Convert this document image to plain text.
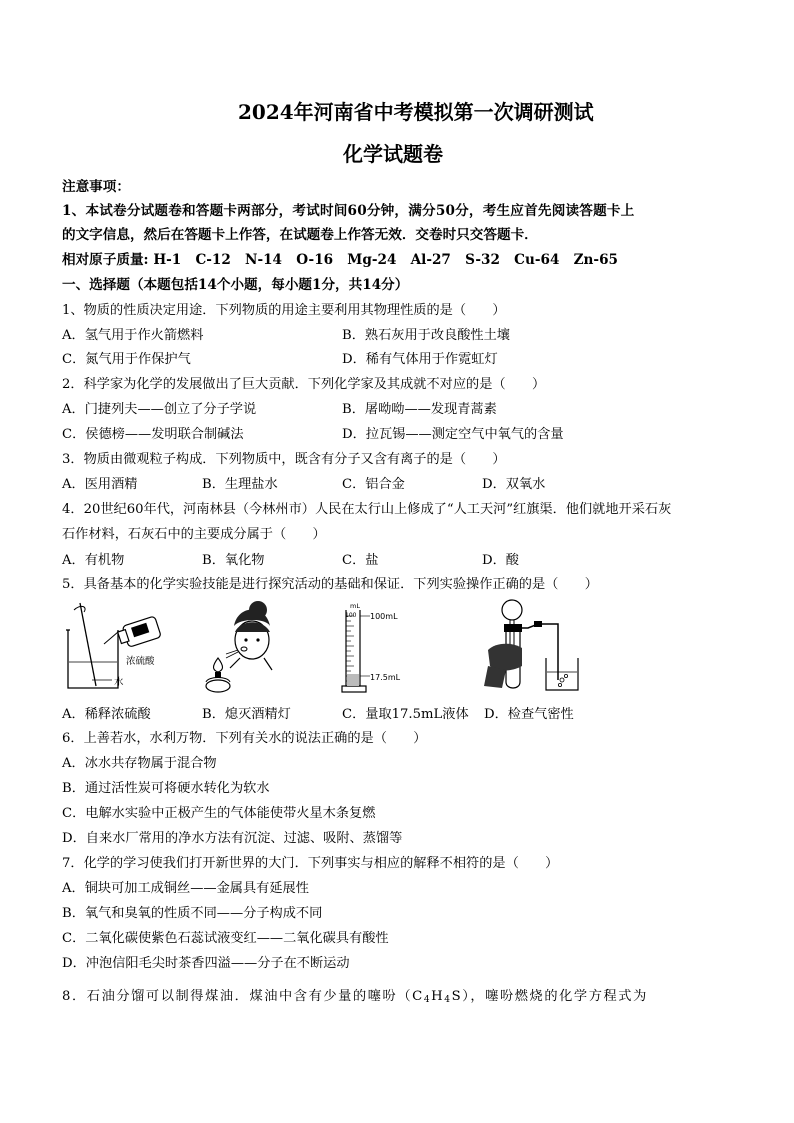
2024年河南省中考模拟第一次调研测试
化学试题卷
注意事项：
1、本试卷分试题卷和答题卡两部分，考试时间60分钟，满分50分，考生应首先阅读答题卡上
的文字信息，然后在答题卡上作答，在试题卷上作答无效．交卷时只交答题卡．
相对原子质量: H-1   C-12   N-14   O-16   Mg-24   Al-27   S-32   Cu-64   Zn-65
一、选择题（本题包括14个小题，每小题1分，共14分）
1、物质的性质决定用途．下列物质的用途主要利用其物理性质的是（　　）
A．氢气用于作火箭燃料	B．熟石灰用于改良酸性土壤
C．氮气用于作保护气	D．稀有气体用于作霓虹灯
2．科学家为化学的发展做出了巨大贡献．下列化学家及其成就不对应的是（　　）
A．门捷列夫——创立了分子学说	B．屠呦呦——发现青蒿素
C．侯德榜——发明联合制碱法	D．拉瓦锡——测定空气中氧气的含量
3．物质由微观粒子构成．下列物质中，既含有分子又含有离子的是（　　）
A．医用酒精	B．生理盐水	C．铝合金	D．双氧水
4．20世纪60年代，河南林县（今林州市）人民在太行山上修成了“人工天河”红旗渠．他们就地开采石灰
石作材料，石灰石中的主要成分属于（　　）
A．有机物	B．氧化物	C．盐	D．酸
5．具备基本的化学实验技能是进行探究活动的基础和保证．下列实验操作正确的是（　　）
浓硫酸
水
mL
100 100mL
17.5mL
A．稀释浓硫酸	B．熄灭酒精灯	C．量取17.5mL液体 D．检查气密性
6．上善若水，水利万物．下列有关水的说法正确的是（　　）
A．冰水共存物属于混合物
B．通过活性炭可将硬水转化为软水
C．电解水实验中正极产生的气体能使带火星木条复燃
D．自来水厂常用的净水方法有沉淀、过滤、吸附、蒸馏等
7．化学的学习使我们打开新世界的大门．下列事实与相应的解释不相符的是（　　）
A．铜块可加工成铜丝——金属具有延展性
B．氧气和臭氧的性质不同——分子构成不同
C．二氧化碳使紫色石蕊试液变红——二氧化碳具有酸性
D．冲泡信阳毛尖时茶香四溢——分子在不断运动
8．石油分馏可以制得煤油．煤油中含有少量的噻吩$(C_4H_4S)$，噻吩燃烧的化学方程式为
